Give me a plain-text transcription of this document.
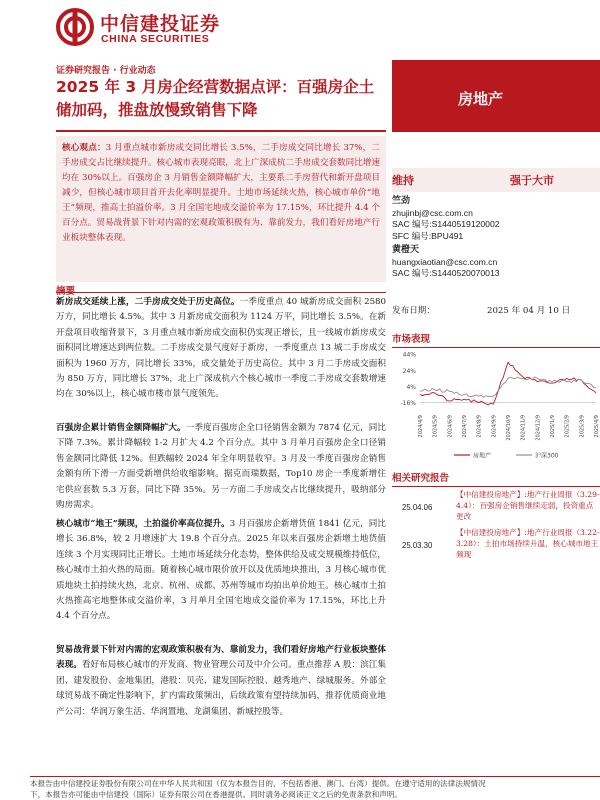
中信建投证券
CHINA SECURITIES
证券研究报告 · 行业动态
2025 年 3 月房企经营数据点评：百强房企土储加码，推盘放慢致销售下降
房地产

核心观点：3 月重点城市新房成交同比增长 3.5%，二手房成交同比增长 37%，二手房成交占比继续提升。核心城市表现亮眼，北上广深成杭二手房成交套数同比增速均在 30%以上。百强房企 3 月销售金额降幅扩大，主要系二手房替代和新开盘项目减少，但核心城市项目首开去化率明显提升。土地市场延续火热，核心城市单价“地王”频现，推高土拍溢价率。3 月全国宅地成交溢价率为 17.15%，环比提升 4.4 个百分点。贸易战背景下针对内需的宏观政策积极有为、靠前发力，我们看好房地产行业板块整体表现。

新房成交延续上涨，二手房成交处于历史高位。一季度重点 40 城新房成交面积 2580 万方，同比增长 4.5%。其中 3 月新房成交面积为 1124 万平，同比增长 3.5%。在新开盘项目收缩背景下，3 月重点城市新房成交面积仍实现正增长，且一线城市新房成交面积同比增速达到两位数。二手房成交景气度好于新房，一季度重点 13 城二手房成交面积为 1960 万方，同比增长 33%，成交量处于历史高位。其中 3 月二手房成交面积为 850 万方，同比增长 37%，北上广深成杭六个核心城市一季度二手房成交套数增速均在 30%以上，核心城市楼市景气度领先。
百强房企累计销售金额降幅扩大。一季度百强房企全口径销售金额为 7874 亿元，同比下降 7.3%。累计降幅较 1-2 月扩大 4.2 个百分点。其中 3 月单月百强房企全口径销售金额同比降低 12%。但跌幅较 2024 年全年明显收窄。3 月及一季度百强房企销售金额有所下滑一方面受新增供给收缩影响。据克而瑞数据，Top10 房企一季度新增住宅供应套数 5.3 万套，同比下降 35%。另一方面二手房成交占比继续提升，吸纳部分购房需求。
核心城市“地王”频现，土拍溢价率高位提升。3 月百强房企新增货值 1841 亿元，同比增长 36.8%，较 2 月增速扩大 19.8 个百分点。2025 年以来百强房企新增土地货值连续 3 个月实现同比正增长。土地市场延续分化态势，整体供给及成交规模维持低位，核心城市土拍火热的局面。随着核心城市限价放开以及优质地块推出，3 月核心城市优质地块土拍持续火热，北京、杭州、成都、苏州等城市均拍出单价地王。核心城市土拍火热推高宅地整体成交溢价率，3 月单月全国宅地成交溢价率为 17.15%，环比上升 4.4 个百分点。
贸易战背景下针对内需的宏观政策积极有为、靠前发力，我们看好房地产行业板块整体表现。看好布局核心城市的开发商、物业管理公司及中介公司。重点推荐 A 股：滨江集团、建发股份、金地集团，港股：贝壳、建发国际控股、越秀地产、绿城服务。外部全球贸易战不确定性影响下，扩内需政策频出，后续政策有望持续加码，推荐优质商业地产公司：华润万象生活、华润置地、龙湖集团、新城控股等。
维持	强于大市
竺劲
zhujinbj@csc.com.cn
SAC 编号:S1440519120002
SFC 编号:BPU491
黄橙天
huangxiaotian@csc.com.cn
SAC 编号:S1440520070013
发布日期：	2025 年 04 月 10 日
市场表现
44%
24%
4%
-16%
2024/4/9 2024/5/9 2024/6/9 2024/7/9 2024/8/9 2024/9/9 2024/10/9 2024/11/9 2024/12/9 2025/1/9 2025/2/9 2025/3/9 2025/4/9
房地产	沪深300
相关研究报告
25.04.06
【中信建投房地产】:地产行业周报（3.29-4.4）：百强房企销售继续走弱，投资重点更改
25.03.30
【中信建投房地产】:地产行业周报（3.22-3.28）：土拍市场持续升温，核心城市地王频现
本报告由中信建投证券股份有限公司在中华人民共和国（仅为本报告目的，不包括香港、澳门、台湾）提供。在遵守适用的法律法规情况
下，本报告亦可能由中信建投（国际）证券有限公司在香港提供。同时请务必阅读正文之后的免责条款和声明。
